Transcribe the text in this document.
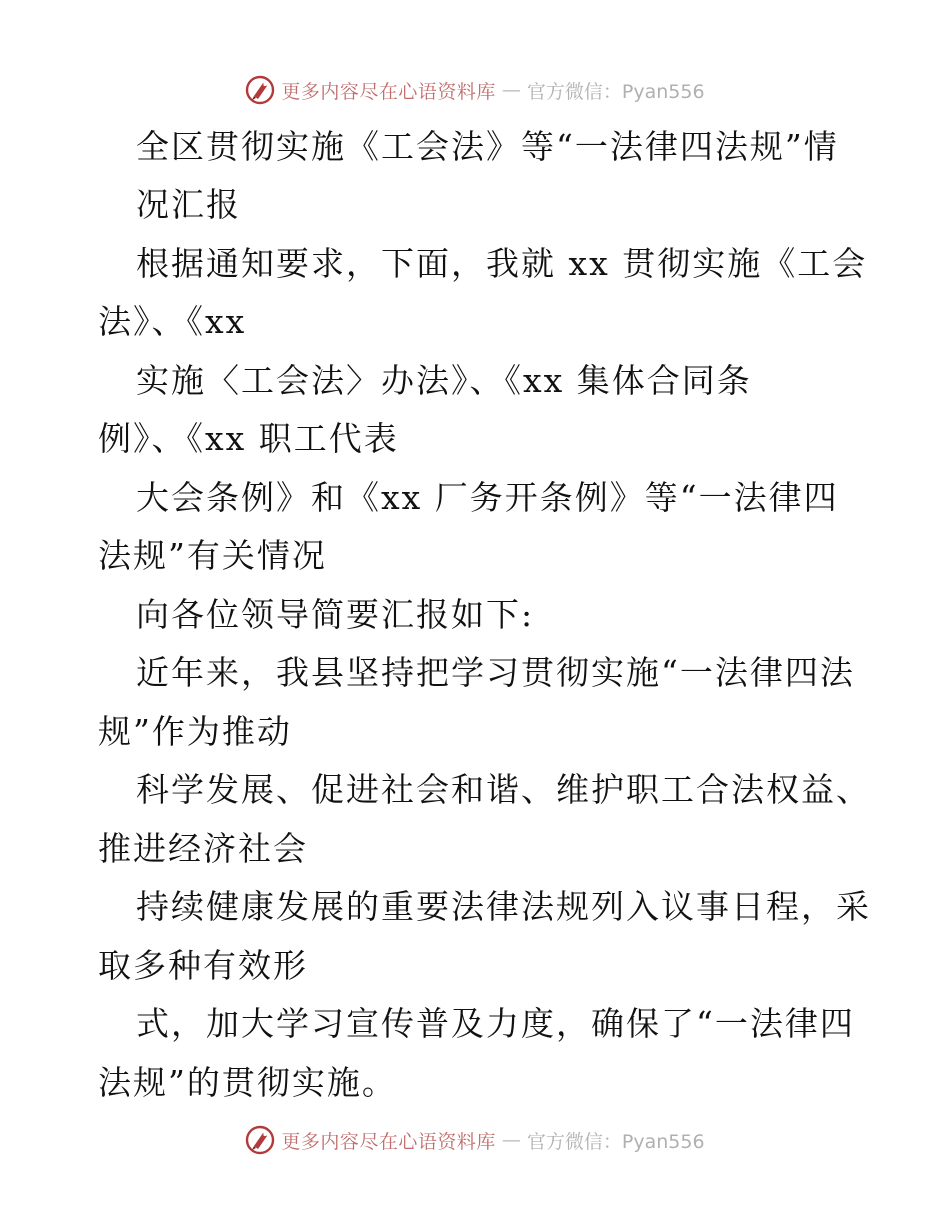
更多内容尽在心语资料库 — 官方微信：Pyan556
全区贯彻实施《工会法》等“一法律四法规”情
况汇报
根据通知要求，下面，我就 xx 贯彻实施《工会
法》、《xx
实施〈工会法〉办法》、《xx 集体合同条
例》、《xx 职工代表
大会条例》和《xx 厂务开条例》等“一法律四
法规”有关情况
向各位领导简要汇报如下:
近年来，我县坚持把学习贯彻实施“一法律四法
规”作为推动
科学发展、促进社会和谐、维护职工合法权益、
推进经济社会
持续健康发展的重要法律法规列入议事日程，采
取多种有效形
式，加大学习宣传普及力度，确保了“一法律四
法规”的贯彻实施。
更多内容尽在心语资料库 — 官方微信：Pyan556
